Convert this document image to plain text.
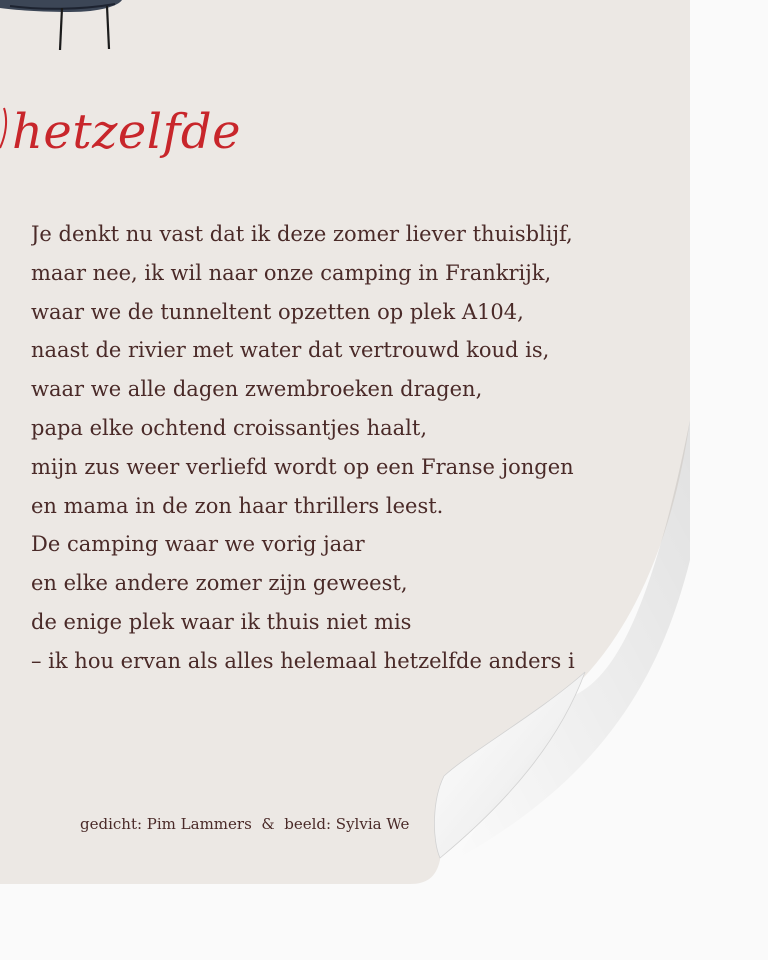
hetzelfde
Je denkt nu vast dat ik deze zomer liever thuisblijf,
maar nee, ik wil naar onze camping in Frankrijk,
waar we de tunneltent opzetten op plek A104,
naast de rivier met water dat vertrouwd koud is,
waar we alle dagen zwembroeken dragen,
papa elke ochtend croissantjes haalt,
mijn zus weer verliefd wordt op een Franse jongen
en mama in de zon haar thrillers leest.
De camping waar we vorig jaar
en elke andere zomer zijn geweest,
de enige plek waar ik thuis niet mis
– ik hou ervan als alles helemaal hetzelfde anders i
gedicht: Pim Lammers & beeld: Sylvia We
